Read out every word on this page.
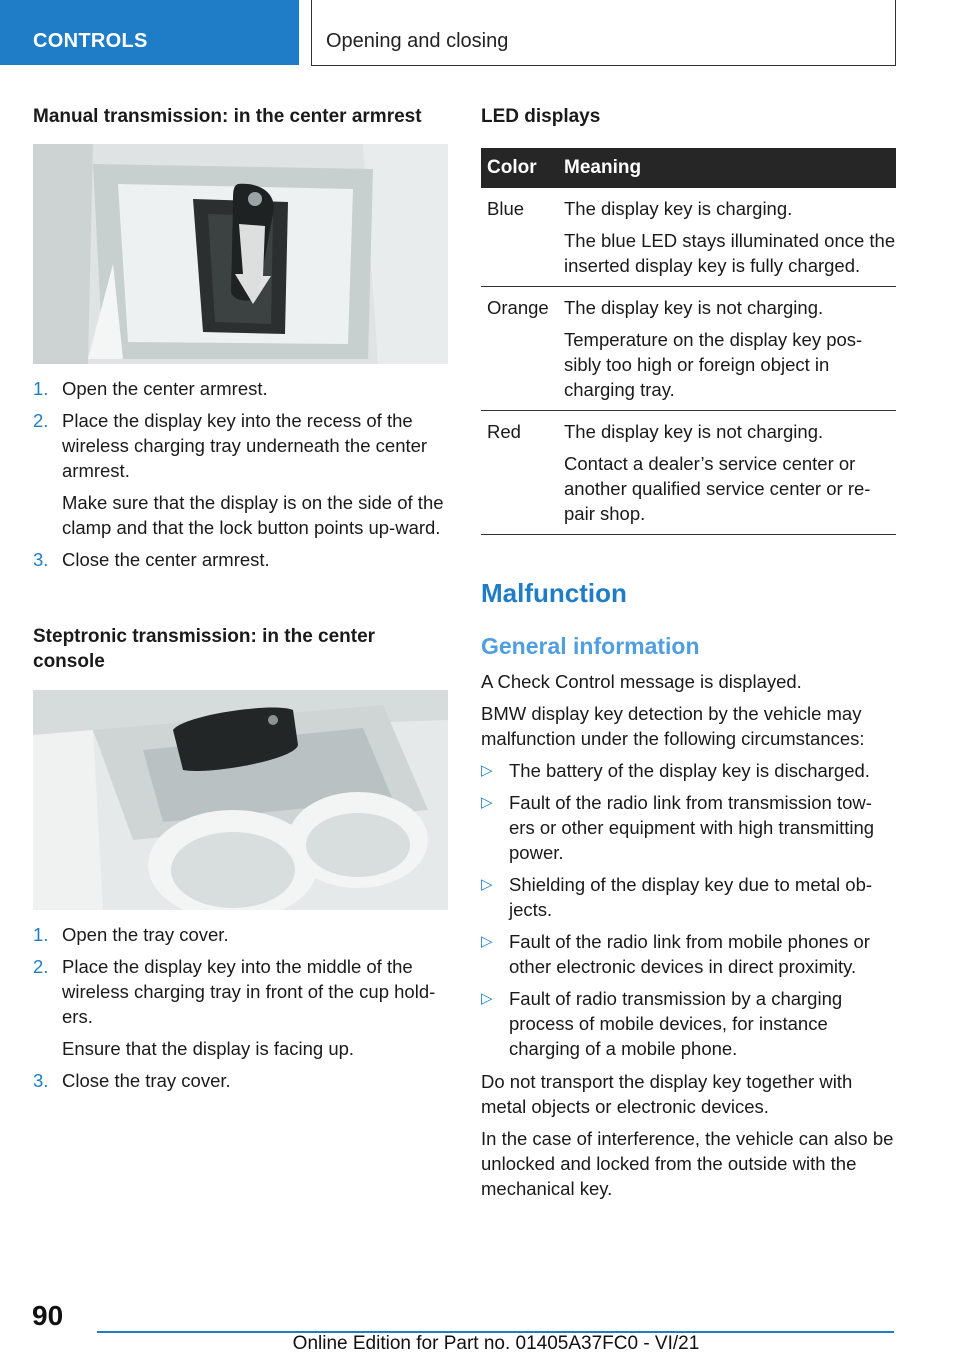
CONTROLS	Opening and closing
Manual transmission: in the center armrest
1. Open the center armrest.
2. Place the display key into the recess of the wireless charging tray underneath the center armrest.
Make sure that the display is on the side of the clamp and that the lock button points up-ward.
3. Close the center armrest.
Steptronic transmission: in the center console
1. Open the tray cover.
2. Place the display key into the middle of the wireless charging tray in front of the cup hold-ers.
Ensure that the display is facing up.
3. Close the tray cover.
LED displays
Color	Meaning
Blue	The display key is charging.
The blue LED stays illuminated once the inserted display key is fully charged.

Orange	The display key is not charging.
Temperature on the display key pos-sibly too high or foreign object in charging tray.

Red	The display key is not charging.
Contact a dealer’s service center or another qualified service center or re-pair shop.
Malfunction
General information

A Check Control message is displayed.

BMW display key detection by the vehicle may malfunction under the following circumstances:

▷ The battery of the display key is discharged.
▷ Fault of the radio link from transmission tow-ers or other equipment with high transmitting power.
▷ Shielding of the display key due to metal ob-jects.
▷ Fault of the radio link from mobile phones or other electronic devices in direct proximity.
▷ Fault of radio transmission by a charging process of mobile devices, for instance charging of a mobile phone.

Do not transport the display key together with metal objects or electronic devices.

In the case of interference, the vehicle can also be unlocked and locked from the outside with the mechanical key.

90
Online Edition for Part no. 01405A37FC0 - VI/21
